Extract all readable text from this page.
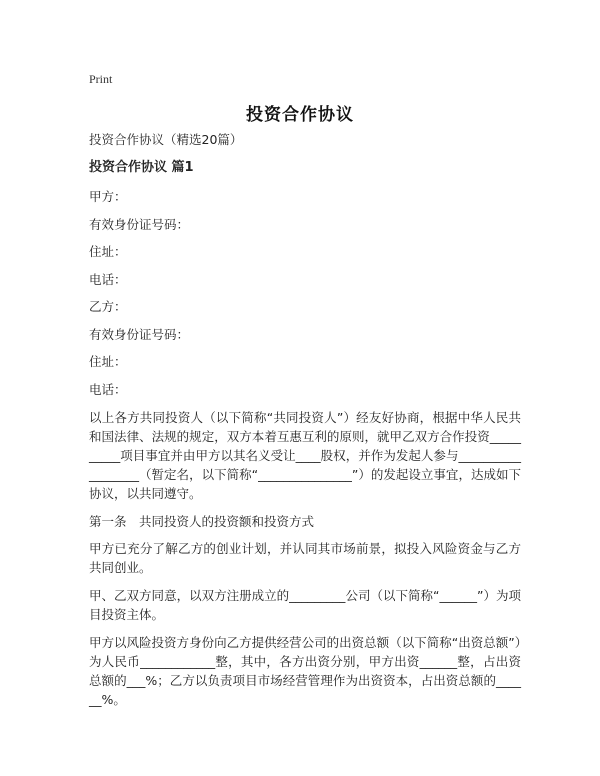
Print
投资合作协议
投资合作协议（精选20篇）
投资合作协议 篇1
甲方：
有效身份证号码：
住址：
电话：
乙方：
有效身份证号码：
住址：
电话：
以上各方共同投资人（以下简称“共同投资人”）经友好协商，根据中华人民共和国法律、法规的规定，双方本着互惠互利的原则，就甲乙双方合作投资__________项目事宜并由甲方以其名义受让____股权，并作为发起人参与__________________（暂定名，以下简称“_______________”）的发起设立事宜，达成如下协议，以共同遵守。
第一条　共同投资人的投资额和投资方式
甲方已充分了解乙方的创业计划，并认同其市场前景，拟投入风险资金与乙方共同创业。
甲、乙双方同意，以双方注册成立的_________公司（以下简称“______”）为项目投资主体。
甲方以风险投资方身份向乙方提供经营公司的出资总额（以下简称“出资总额”）为人民币____________整，其中，各方出资分别，甲方出资______整，占出资总额的___%；乙方以负责项目市场经营管理作为出资资本，占出资总额的______%。
